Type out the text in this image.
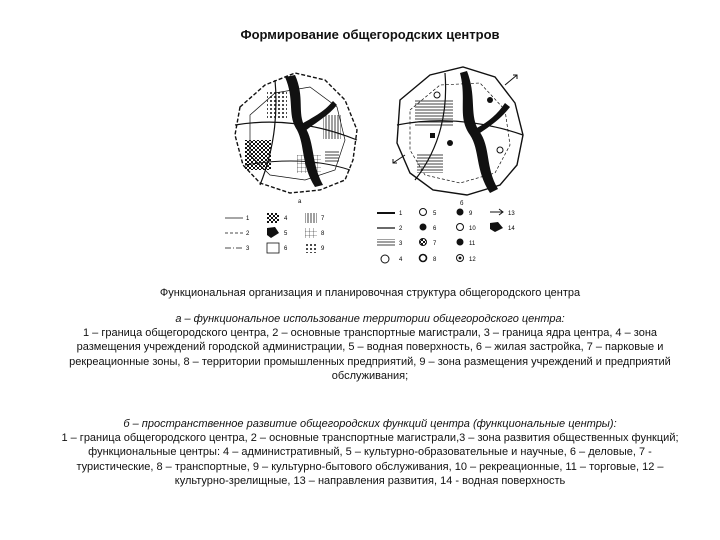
Формирование общегородских центров
а
1
2
3
4
5
6
7
8
9
б
1
2
3
4
5
6
7
8
9
10
11
12
13
14
Функциональная организация и планировочная структура общегородского центра
а – функциональное использование территории общегородского центра:
1 – граница общегородского центра, 2 – основные транспортные магистрали, 3 – граница ядра центра, 4 – зона размещения учреждений городской администрации, 5 – водная поверхность, 6 – жилая застройка, 7 – парковые и рекреационные зоны, 8 – территории промышленных предприятий, 9 – зона размещения учреждений и предприятий обслуживания;
б – пространственное развитие общегородских функций центра (функциональные центры):
1 – граница общегородского центра, 2 – основные транспортные магистрали,3 – зона развития общественных функций; функциональные центры: 4 – административный, 5 – культурно-образовательные и научные, 6 – деловые, 7 - туристические, 8 – транспортные, 9 – культурно-бытового обслуживания, 10 – рекреационные, 11 – торговые, 12 – культурно-зрелищные, 13 – направления развития, 14 - водная поверхность
